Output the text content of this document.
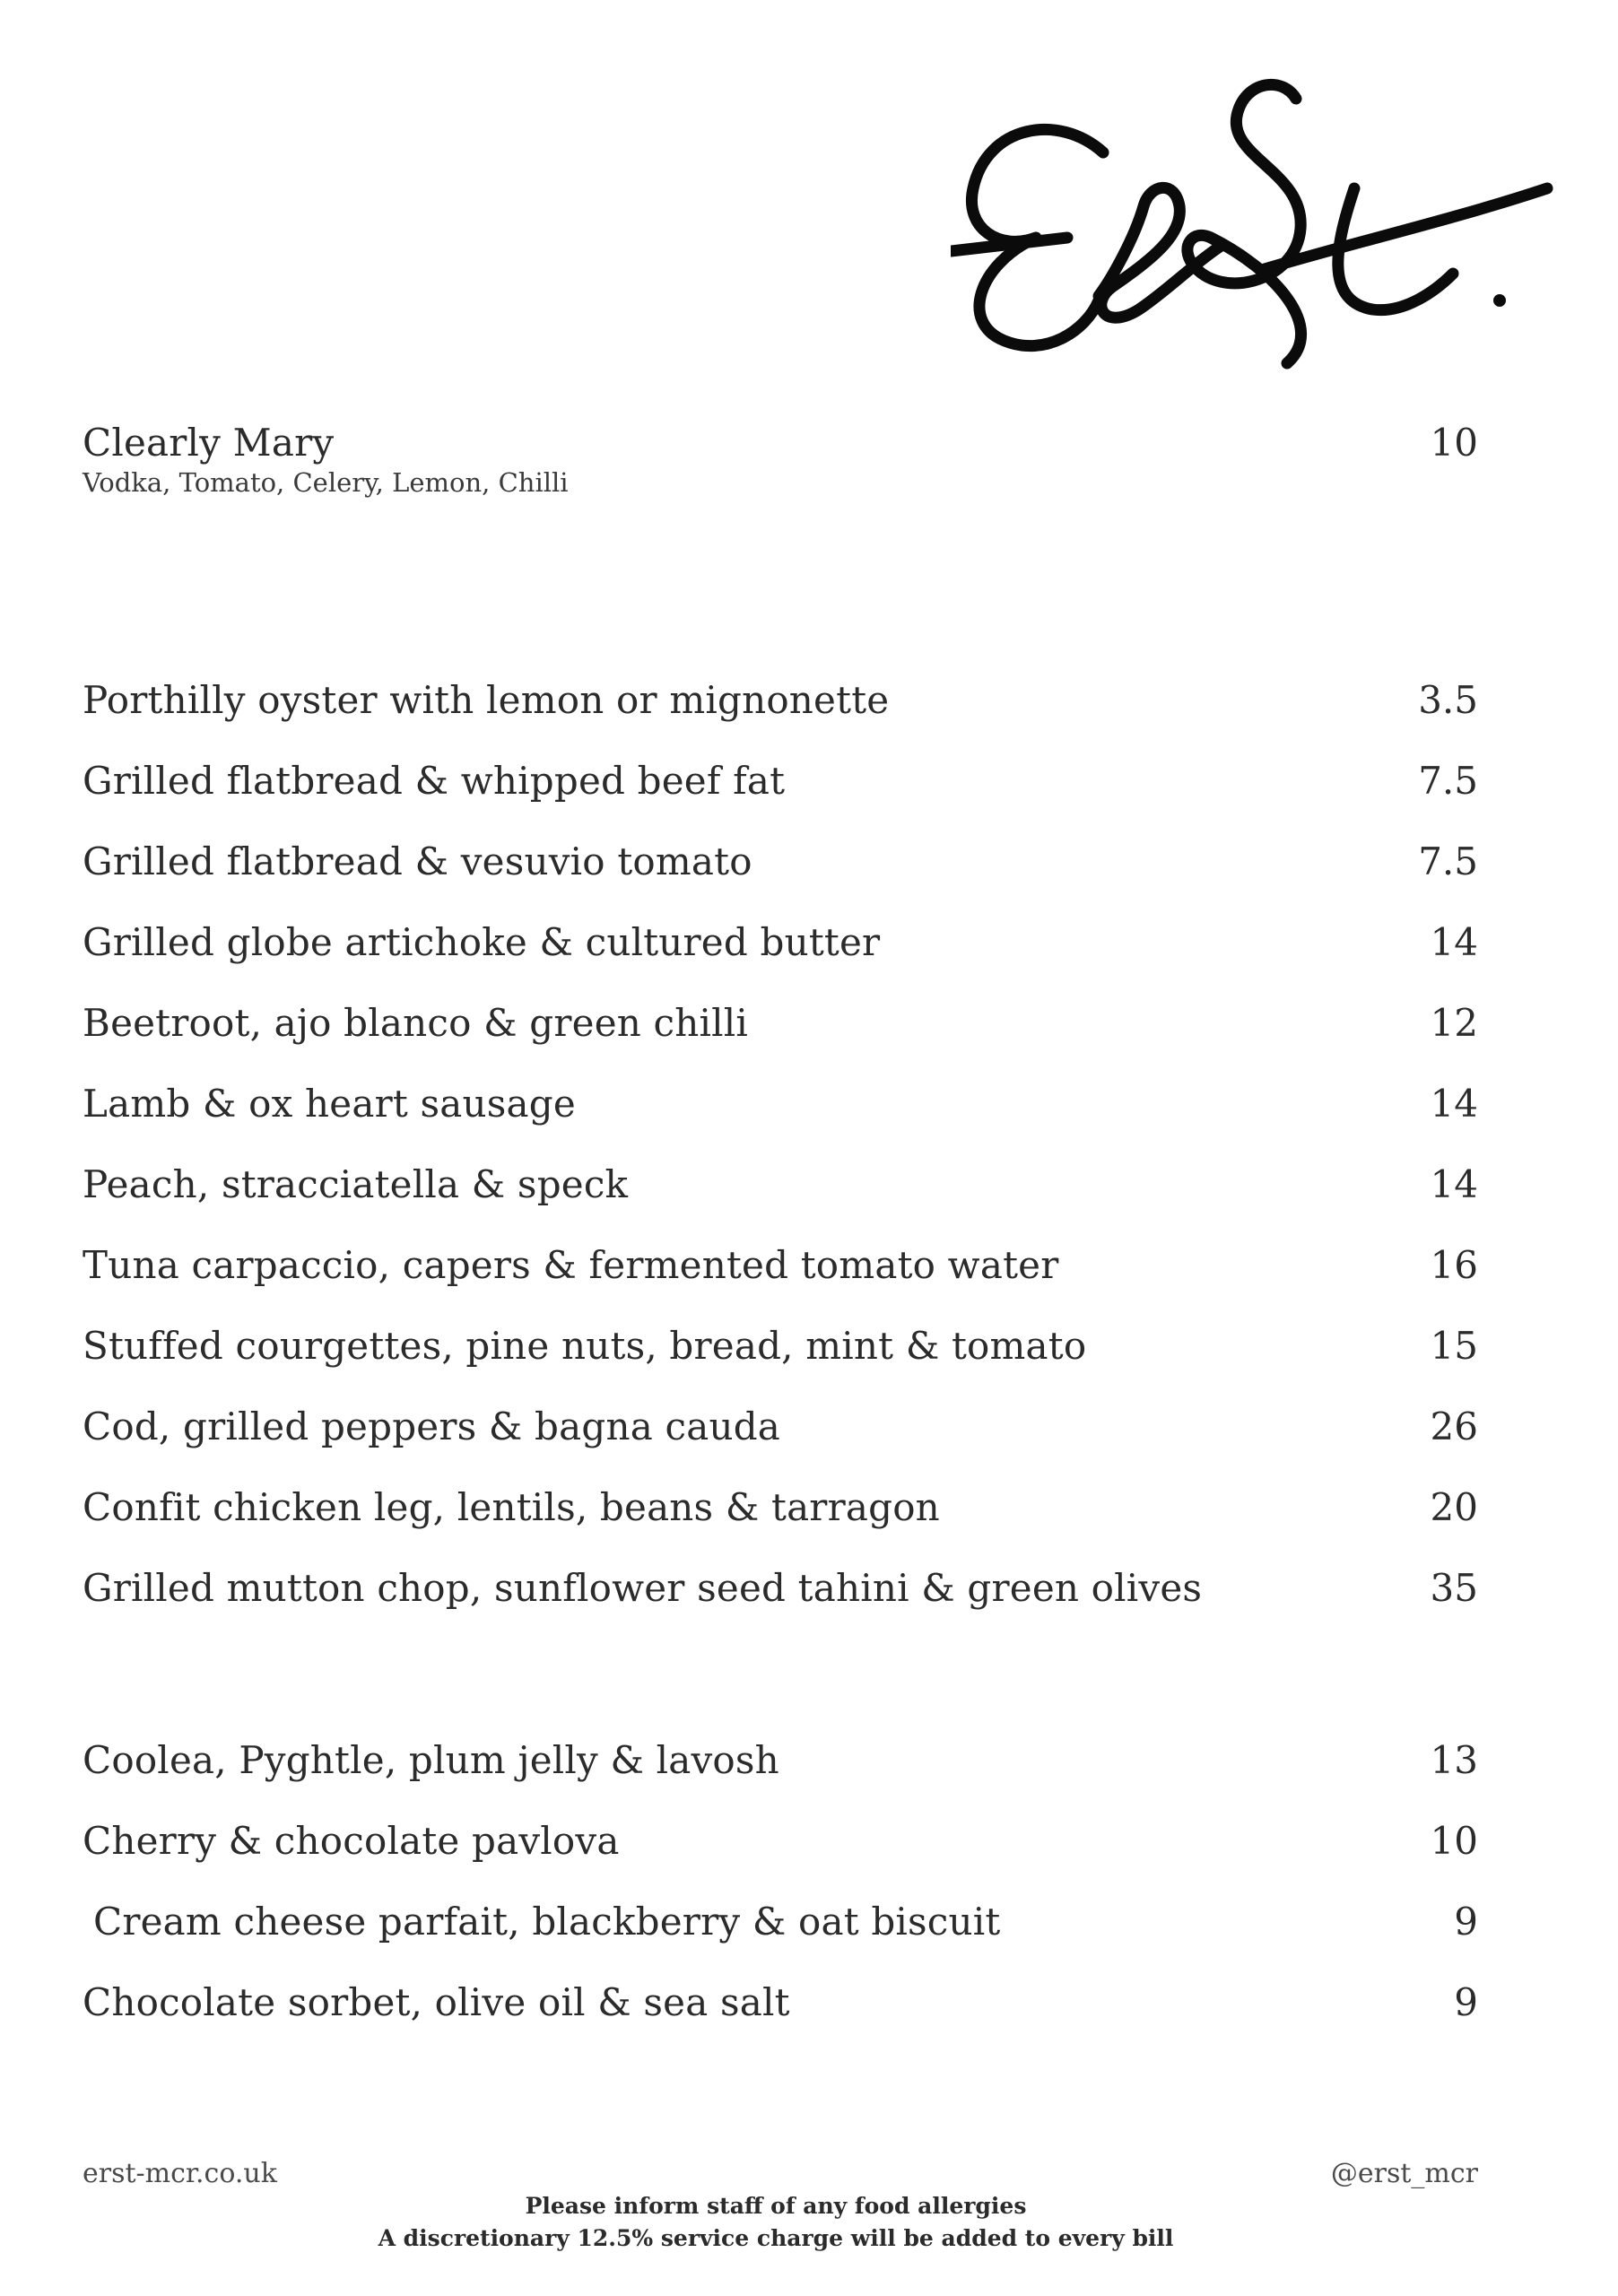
Clearly Mary	10
Vodka, Tomato, Celery, Lemon, Chilli
Porthilly oyster with lemon or mignonette	3.5
Grilled flatbread & whipped beef fat	7.5
Grilled flatbread & vesuvio tomato	7.5
Grilled globe artichoke & cultured butter	14
Beetroot, ajo blanco & green chilli	12
Lamb & ox heart sausage	14
Peach, stracciatella & speck	14
Tuna carpaccio, capers & fermented tomato water	16
Stuffed courgettes, pine nuts, bread, mint & tomato	15
Cod, grilled peppers & bagna cauda	26
Confit chicken leg, lentils, beans & tarragon	20
Grilled mutton chop, sunflower seed tahini & green olives	35
Coolea, Pyghtle, plum jelly & lavosh	13
Cherry & chocolate pavlova	10
Cream cheese parfait, blackberry & oat biscuit	9
Chocolate sorbet, olive oil & sea salt	9
erst-mcr.co.uk	@erst_mcr
Please inform staff of any food allergies
A discretionary 12.5% service charge will be added to every bill
